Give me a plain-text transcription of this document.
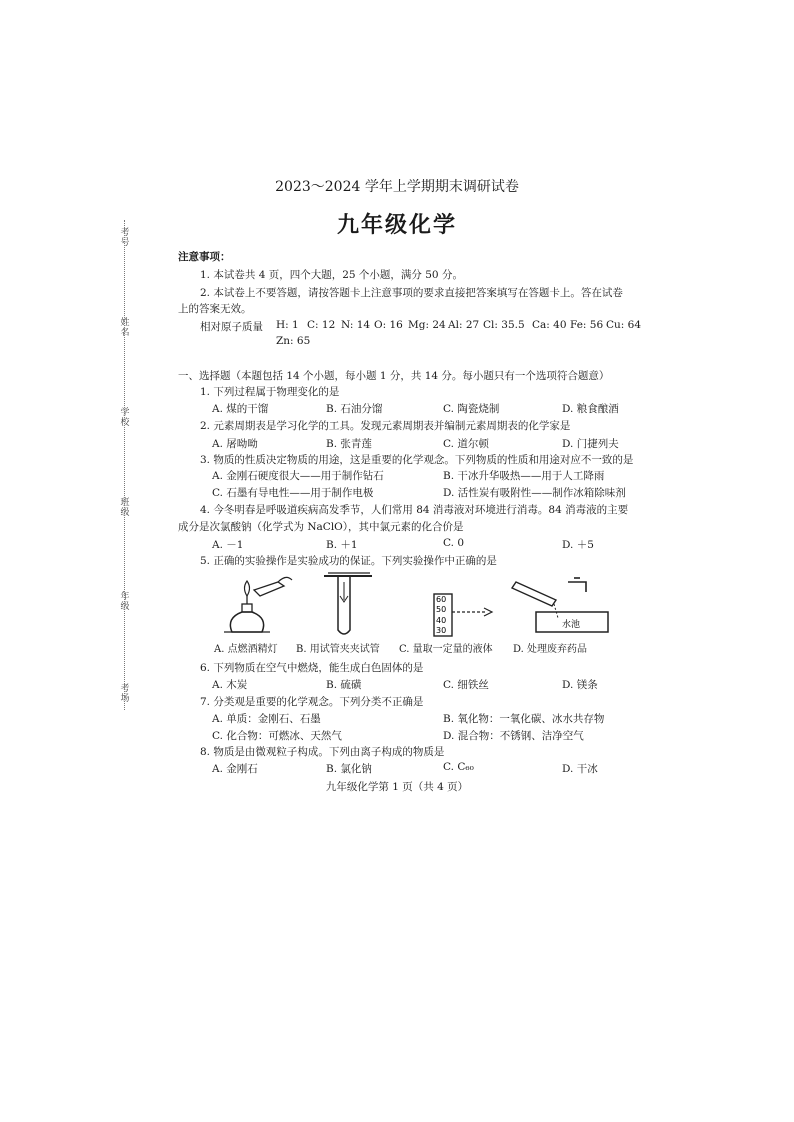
考号
姓名
学校
班级
年级
考场
2023～2024 学年上学期期末调研试卷
九年级化学
注意事项：
1. 本试卷共 4 页，四个大题，25 个小题，满分 50 分。
2. 本试卷上不要答题，请按答题卡上注意事项的要求直接把答案填写在答题卡上。答在试卷
上的答案无效。
相对原子质量 H: 1 C: 12 N: 14 O: 16 Mg: 24 Al: 27 Cl: 35.5 Ca: 40 Fe: 56 Cu: 64
Zn: 65
一、选择题（本题包括 14 个小题，每小题 1 分，共 14 分。每小题只有一个选项符合题意）
1. 下列过程属于物理变化的是
A. 煤的干馏	B. 石油分馏	C. 陶瓷烧制	D. 粮食酿酒
2. 元素周期表是学习化学的工具。发现元素周期表并编制元素周期表的化学家是
A. 屠呦呦	B. 张青莲	C. 道尔顿	D. 门捷列夫
3. 物质的性质决定物质的用途，这是重要的化学观念。下列物质的性质和用途对应不一致的是
A. 金刚石硬度很大——用于制作钻石	B. 干冰升华吸热——用于人工降雨
C. 石墨有导电性——用于制作电极	D. 活性炭有吸附性——制作冰箱除味剂
4. 今冬明春是呼吸道疾病高发季节，人们常用 84 消毒液对环境进行消毒。84 消毒液的主要
成分是次氯酸钠（化学式为 NaClO），其中氯元素的化合价是
A. －1	B. ＋1	C. 0	D. ＋5
5. 正确的实验操作是实验成功的保证。下列实验操作中正确的是
60
50
40
30
水池
A. 点燃酒精灯 B. 用试管夹夹试管 C. 量取一定量的液体 D. 处理废弃药品
6. 下列物质在空气中燃烧，能生成白色固体的是
A. 木炭	B. 硫磺	C. 细铁丝	D. 镁条
7. 分类观是重要的化学观念。下列分类不正确是
A. 单质：金刚石、石墨	B. 氧化物：一氧化碳、冰水共存物
C. 化合物：可燃冰、天然气	D. 混合物：不锈钢、洁净空气
8. 物质是由微观粒子构成。下列由离子构成的物质是
A. 金刚石	B. 氯化钠	C. C₆₀	D. 干冰
九年级化学第 1 页（共 4 页）
